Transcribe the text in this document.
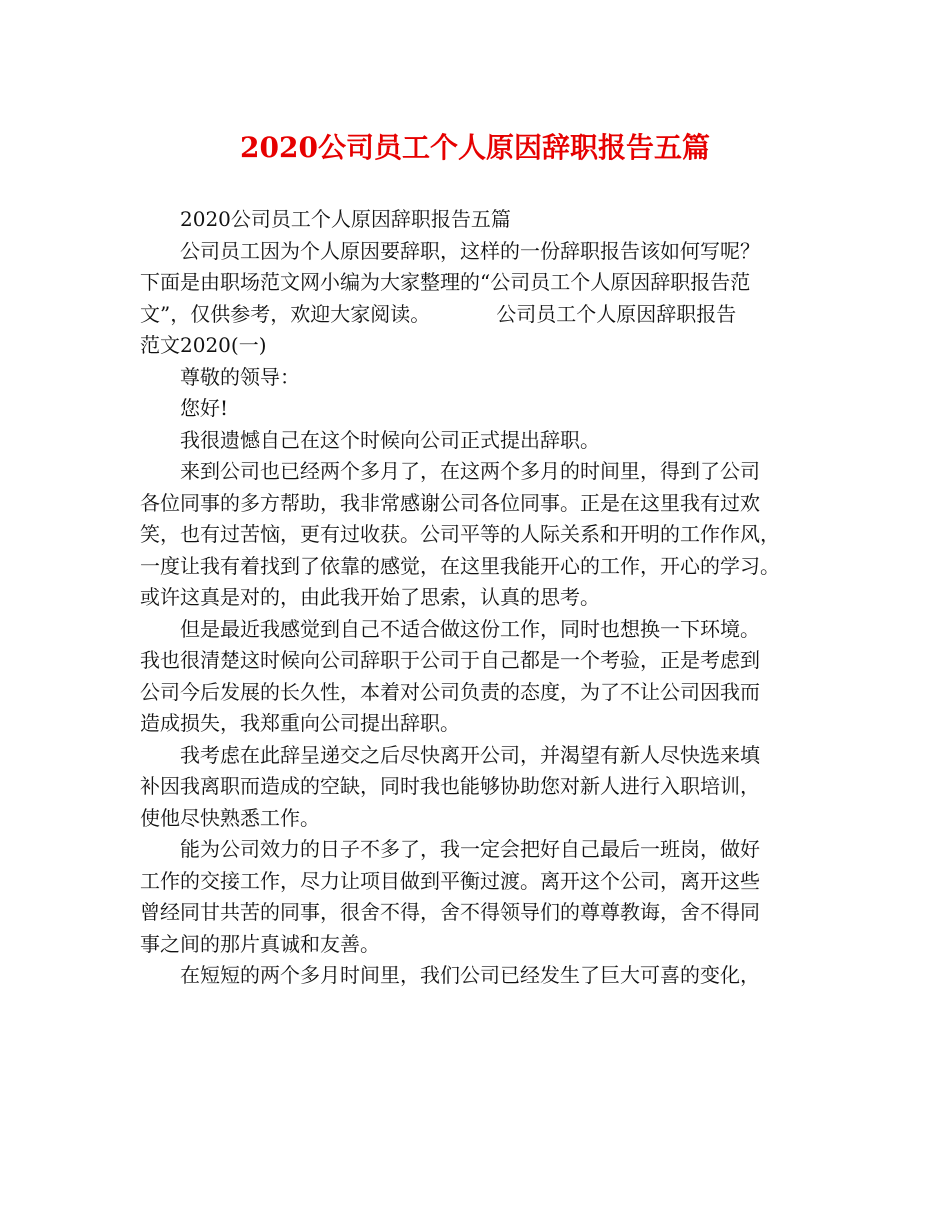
2020公司员工个人原因辞职报告五篇
2020公司员工个人原因辞职报告五篇
公司员工因为个人原因要辞职，这样的一份辞职报告该如何写呢？
下面是由职场范文网小编为大家整理的“公司员工个人原因辞职报告范
文”，仅供参考，欢迎大家阅读。	公司员工个人原因辞职报告
范文2020(一)
尊敬的领导：
您好!
我很遗憾自己在这个时候向公司正式提出辞职。
来到公司也已经两个多月了，在这两个多月的时间里，得到了公司
各位同事的多方帮助，我非常感谢公司各位同事。正是在这里我有过欢
笑，也有过苦恼，更有过收获。公司平等的人际关系和开明的工作作风，
一度让我有着找到了依靠的感觉，在这里我能开心的工作，开心的学习。
或许这真是对的，由此我开始了思索，认真的思考。
但是最近我感觉到自己不适合做这份工作，同时也想换一下环境。
我也很清楚这时候向公司辞职于公司于自己都是一个考验，正是考虑到
公司今后发展的长久性，本着对公司负责的态度，为了不让公司因我而
造成损失，我郑重向公司提出辞职。
我考虑在此辞呈递交之后尽快离开公司，并渴望有新人尽快选来填
补因我离职而造成的空缺，同时我也能够协助您对新人进行入职培训，
使他尽快熟悉工作。
能为公司效力的日子不多了，我一定会把好自己最后一班岗，做好
工作的交接工作，尽力让项目做到平衡过渡。离开这个公司，离开这些
曾经同甘共苦的同事，很舍不得，舍不得领导们的尊尊教诲，舍不得同
事之间的那片真诚和友善。
在短短的两个多月时间里，我们公司已经发生了巨大可喜的变化，
